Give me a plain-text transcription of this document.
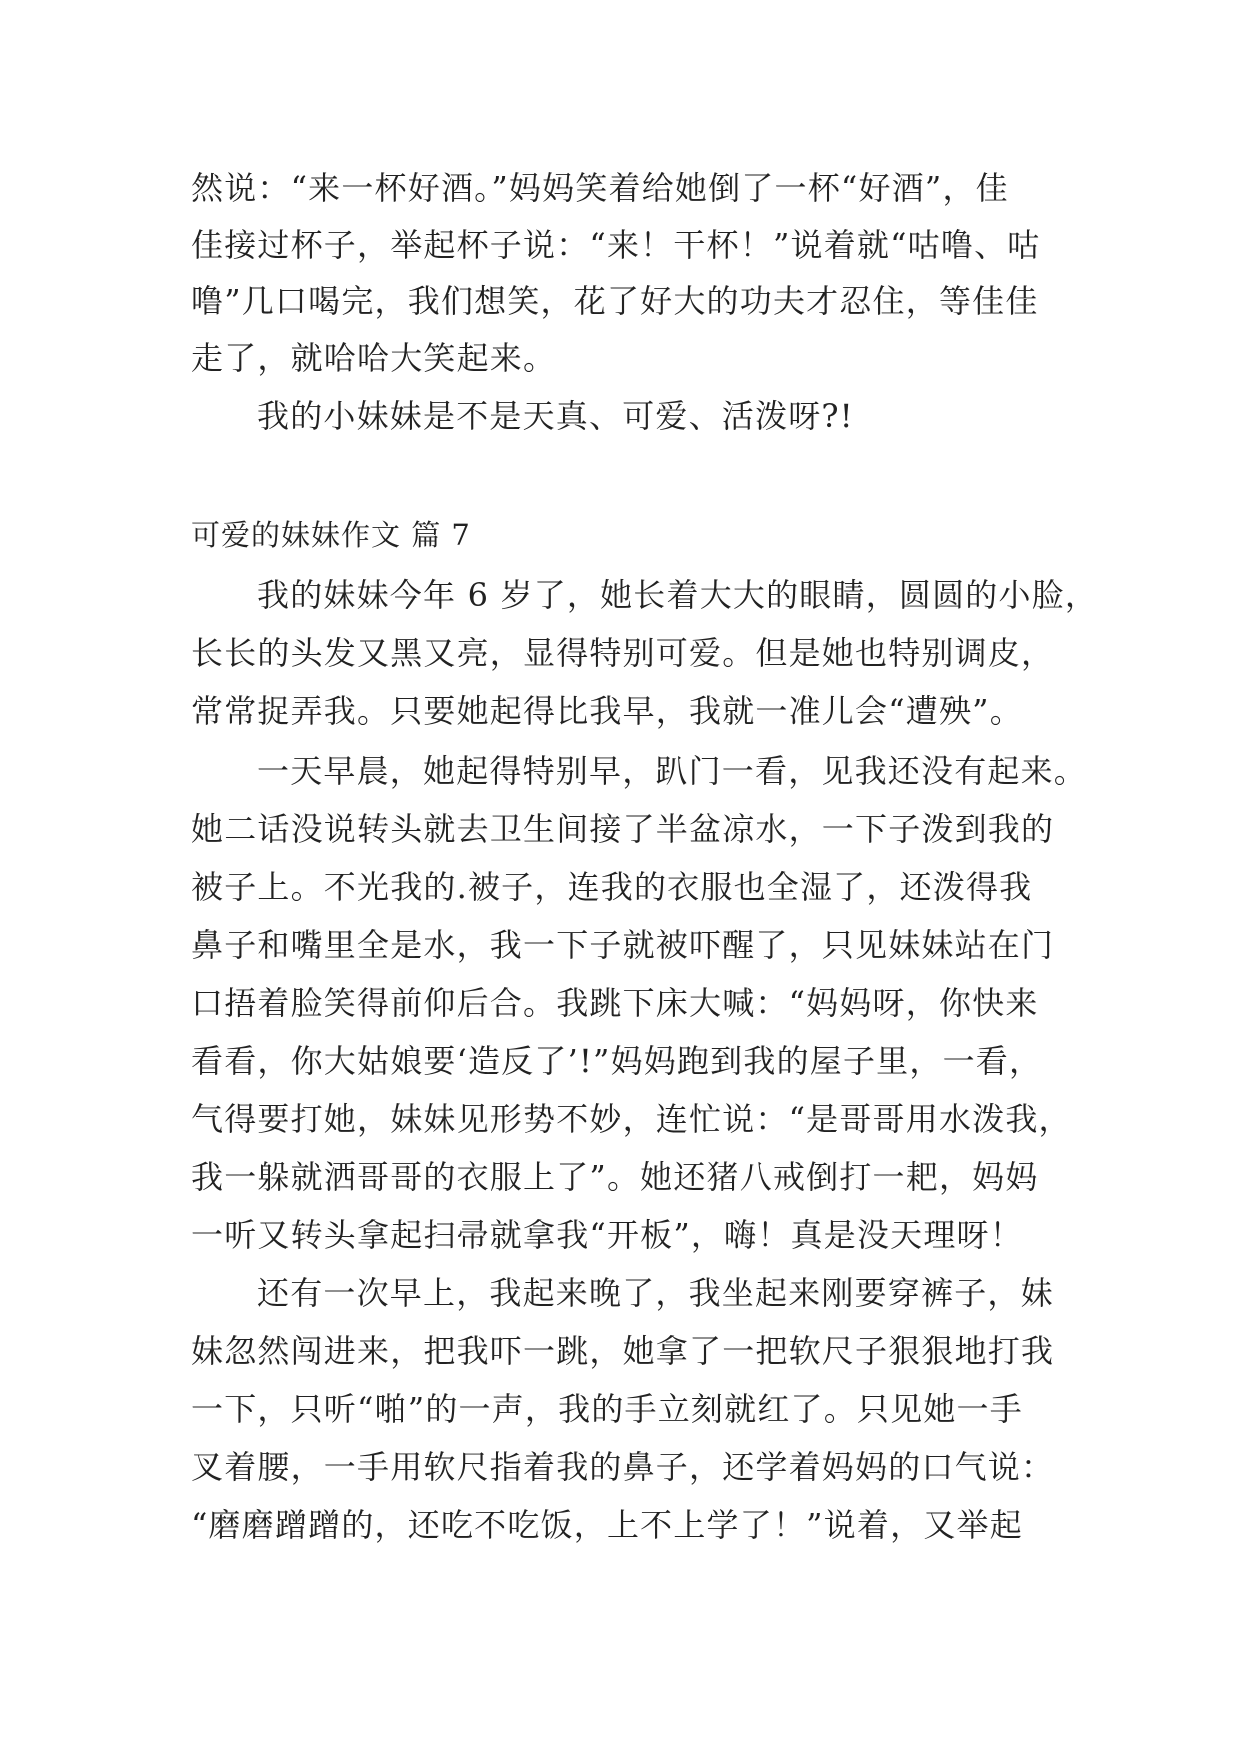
然说：“来一杯好酒。”妈妈笑着给她倒了一杯“好酒”，佳
佳接过杯子，举起杯子说：“来！干杯！”说着就“咕噜、咕
噜”几口喝完，我们想笑，花了好大的功夫才忍住，等佳佳
走了，就哈哈大笑起来。
我的小妹妹是不是天真、可爱、活泼呀?!
可爱的妹妹作文 篇 7
我的妹妹今年 6 岁了，她长着大大的眼睛，圆圆的小脸，
长长的头发又黑又亮，显得特别可爱。但是她也特别调皮，
常常捉弄我。只要她起得比我早，我就一准儿会“遭殃”。
一天早晨，她起得特别早，趴门一看，见我还没有起来。
她二话没说转头就去卫生间接了半盆凉水，一下子泼到我的
被子上。不光我的.被子，连我的衣服也全湿了，还泼得我
鼻子和嘴里全是水，我一下子就被吓醒了，只见妹妹站在门
口捂着脸笑得前仰后合。我跳下床大喊：“妈妈呀，你快来
看看，你大姑娘要‘造反了’!”妈妈跑到我的屋子里，一看，
气得要打她，妹妹见形势不妙，连忙说：“是哥哥用水泼我，
我一躲就洒哥哥的衣服上了”。她还猪八戒倒打一耙，妈妈
一听又转头拿起扫帚就拿我“开板”，嗨！真是没天理呀！
还有一次早上，我起来晚了，我坐起来刚要穿裤子，妹
妹忽然闯进来，把我吓一跳，她拿了一把软尺子狠狠地打我
一下，只听“啪”的一声，我的手立刻就红了。只见她一手
叉着腰，一手用软尺指着我的鼻子，还学着妈妈的口气说：
“磨磨蹭蹭的，还吃不吃饭，上不上学了！”说着，又举起
